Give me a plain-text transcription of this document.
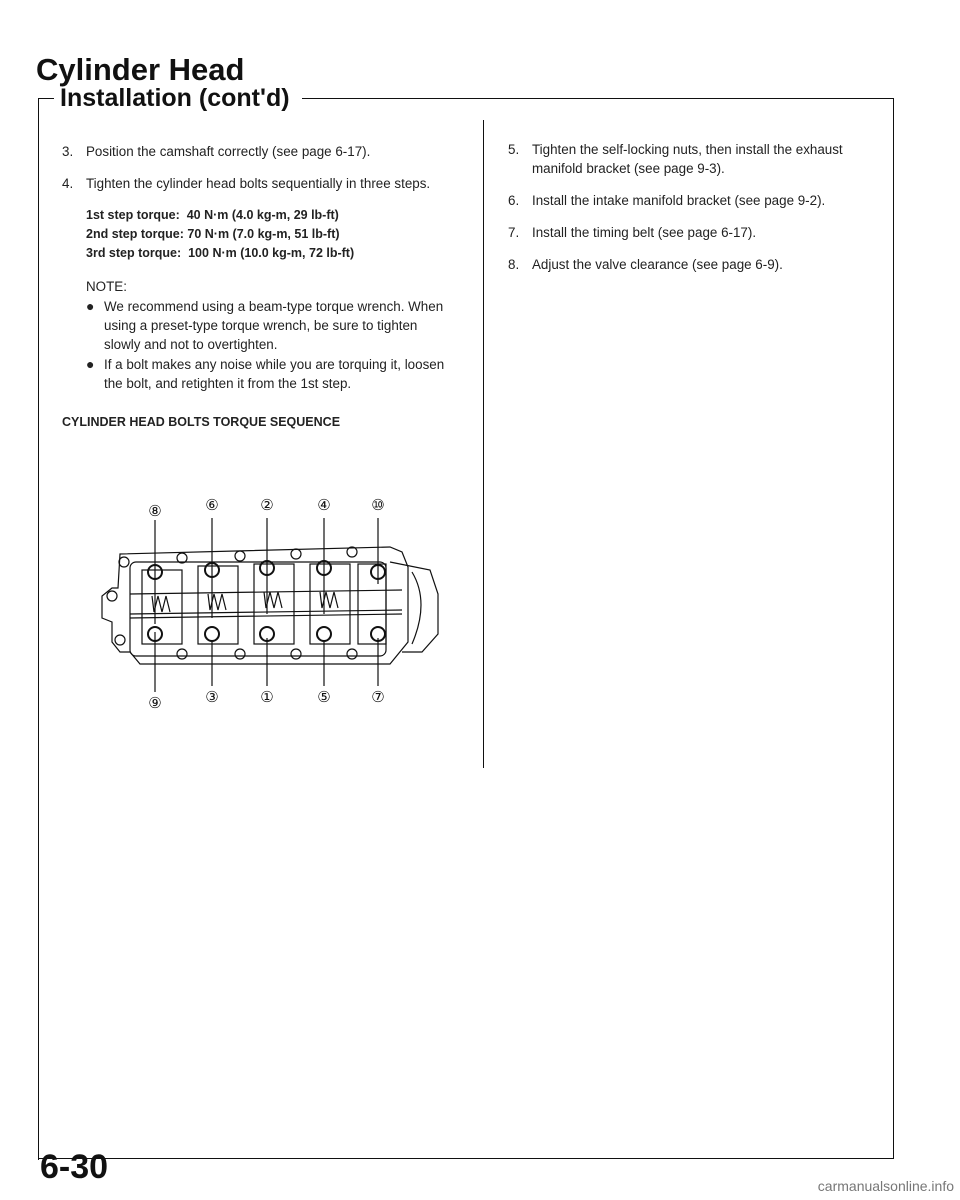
Cylinder Head
Installation (cont'd)
3. Position the camshaft correctly (see page 6-17).
4. Tighten the cylinder head bolts sequentially in three steps.
1st step torque: 40 N·m (4.0 kg-m, 29 lb-ft)
2nd step torque: 70 N·m (7.0 kg-m, 51 lb-ft)
3rd step torque: 100 N·m (10.0 kg-m, 72 lb-ft)
NOTE:
● We recommend using a beam-type torque wrench. When using a preset-type torque wrench, be sure to tighten slowly and not to overtighten.
● If a bolt makes any noise while you are torquing it, loosen the bolt, and retighten it from the 1st step.
CYLINDER HEAD BOLTS TORQUE SEQUENCE
⑧	⑥	②	④	⑩
⑨	③	①	⑤	⑦
5. Tighten the self-locking nuts, then install the exhaust manifold bracket (see page 9-3).
6. Install the intake manifold bracket (see page 9-2).
7. Install the timing belt (see page 6-17).
8. Adjust the valve clearance (see page 6-9).
6-30	carmanualsonline.info
